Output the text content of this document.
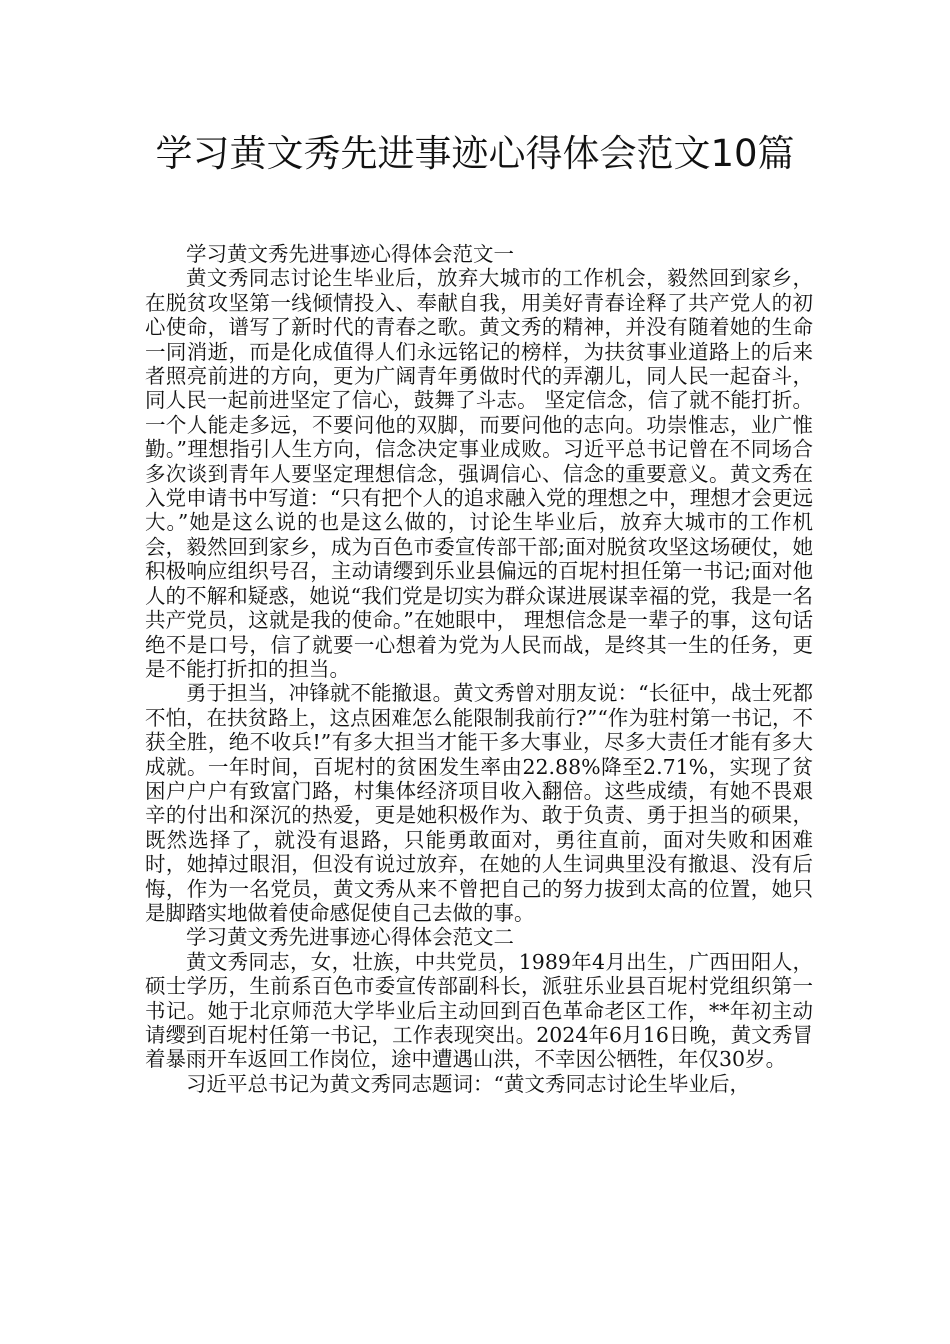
学习黄文秀先进事迹心得体会范文10篇

学习黄文秀先进事迹心得体会范文一

黄文秀同志讨论生毕业后，放弃大城市的工作机会，毅然回到家乡，在脱贫攻坚第一线倾情投入、奉献自我，用美好青春诠释了共产党人的初心使命，谱写了新时代的青春之歌。黄文秀的精神，并没有随着她的生命一同消逝，而是化成值得人们永远铭记的榜样，为扶贫事业道路上的后来者照亮前进的方向，更为广阔青年勇做时代的弄潮儿，同人民一起奋斗，同人民一起前进坚定了信心，鼓舞了斗志。 坚定信念，信了就不能打折。一个人能走多远，不要问他的双脚，而要问他的志向。功崇惟志，业广惟勤。”理想指引人生方向，信念决定事业成败。习近平总书记曾在不同场合多次谈到青年人要坚定理想信念，强调信心、信念的重要意义。黄文秀在入党申请书中写道：“只有把个人的追求融入党的理想之中，理想才会更远大。”她是这么说的也是这么做的，讨论生毕业后，放弃大城市的工作机会，毅然回到家乡，成为百色市委宣传部干部;面对脱贫攻坚这场硬仗，她积极响应组织号召，主动请缨到乐业县偏远的百坭村担任第一书记;面对他人的不解和疑惑，她说“我们党是切实为群众谋进展谋幸福的党，我是一名共产党员，这就是我的使命。”在她眼中， 理想信念是一辈子的事，这句话绝不是口号，信了就要一心想着为党为人民而战，是终其一生的任务，更是不能打折扣的担当。

勇于担当，冲锋就不能撤退。黄文秀曾对朋友说：“长征中，战士死都不怕，在扶贫路上，这点困难怎么能限制我前行?”“作为驻村第一书记，不获全胜，绝不收兵!”有多大担当才能干多大事业，尽多大责任才能有多大成就。一年时间，百坭村的贫困发生率由22.88%降至2.71%，实现了贫困户户户有致富门路，村集体经济项目收入翻倍。这些成绩，有她不畏艰辛的付出和深沉的热爱，更是她积极作为、敢于负责、勇于担当的硕果，既然选择了，就没有退路，只能勇敢面对，勇往直前，面对失败和困难时，她掉过眼泪，但没有说过放弃，在她的人生词典里没有撤退、没有后悔，作为一名党员，黄文秀从来不曾把自己的努力拔到太高的位置，她只是脚踏实地做着使命感促使自己去做的事。

学习黄文秀先进事迹心得体会范文二

黄文秀同志，女，壮族，中共党员，1989年4月出生，广西田阳人，硕士学历，生前系百色市委宣传部副科长，派驻乐业县百坭村党组织第一书记。她于北京师范大学毕业后主动回到百色革命老区工作，**年初主动请缨到百坭村任第一书记，工作表现突出。2024年6月16日晚，黄文秀冒着暴雨开车返回工作岗位，途中遭遇山洪，不幸因公牺牲，年仅30岁。

习近平总书记为黄文秀同志题词：“黄文秀同志讨论生毕业后，
